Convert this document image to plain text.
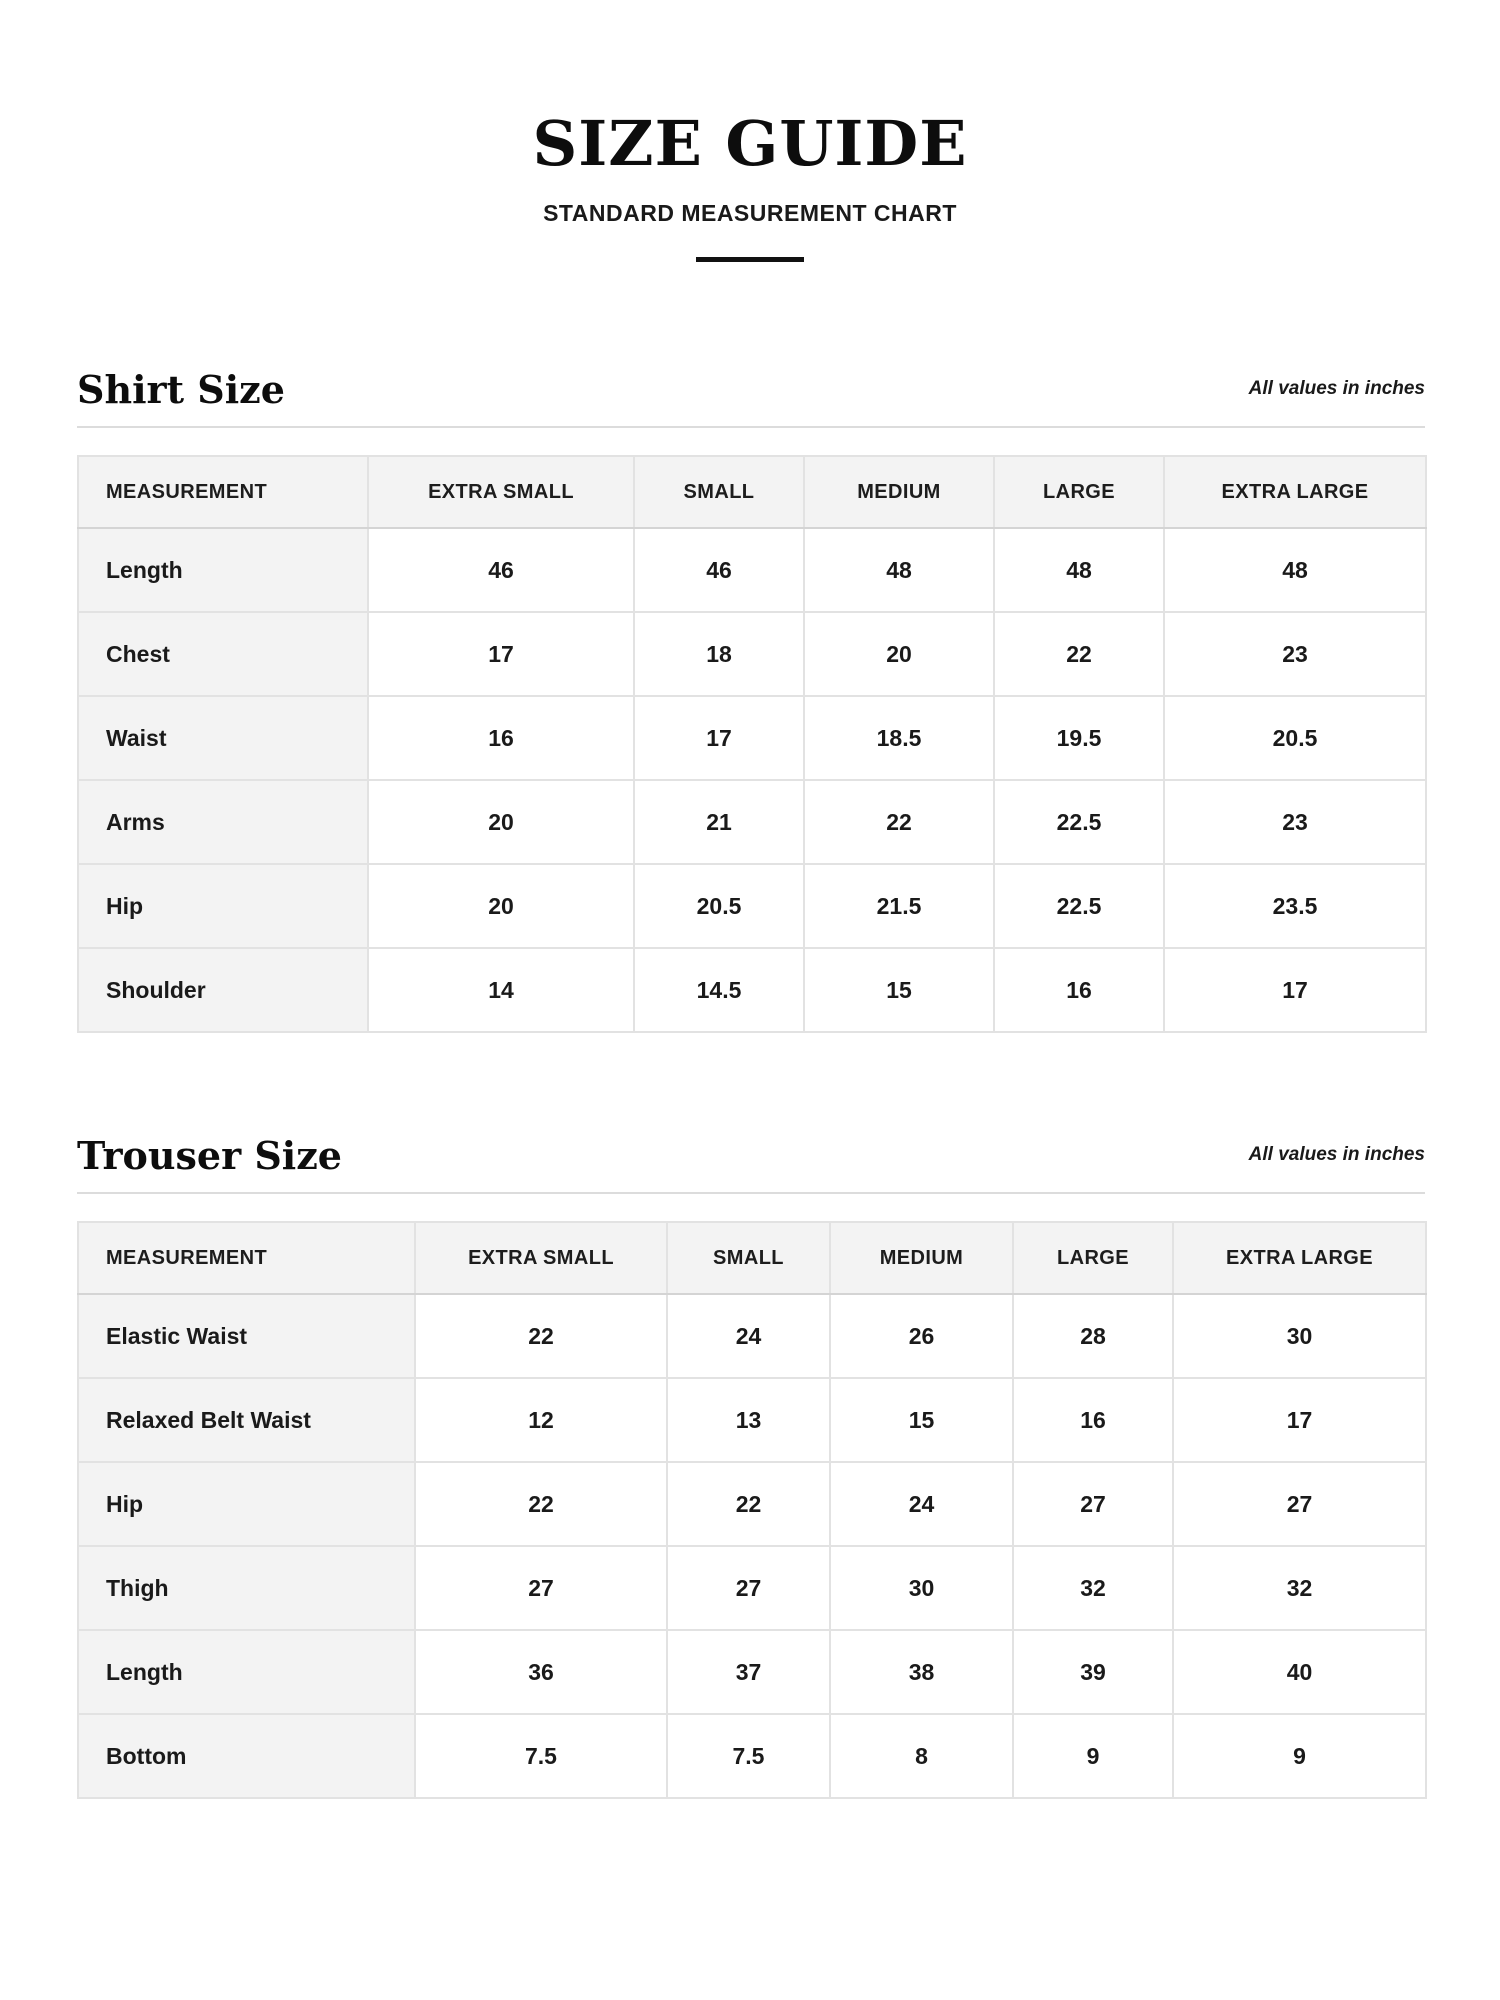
SIZE GUIDE
STANDARD MEASUREMENT CHART
Shirt Size	All values in inches
MEASUREMENT	EXTRA SMALL	SMALL	MEDIUM	LARGE	EXTRA LARGE
Length	46	46	48	48	48
Chest	17	18	20	22	23
Waist	16	17	18.5	19.5	20.5
Arms	20	21	22	22.5	23
Hip	20	20.5	21.5	22.5	23.5
Shoulder	14	14.5	15	16	17
Trouser Size	All values in inches
MEASUREMENT	EXTRA SMALL	SMALL	MEDIUM	LARGE	EXTRA LARGE
Elastic Waist	22	24	26	28	30
Relaxed Belt Waist	12	13	15	16	17
Hip	22	22	24	27	27
Thigh	27	27	30	32	32
Length	36	37	38	39	40
Bottom	7.5	7.5	8	9	9
